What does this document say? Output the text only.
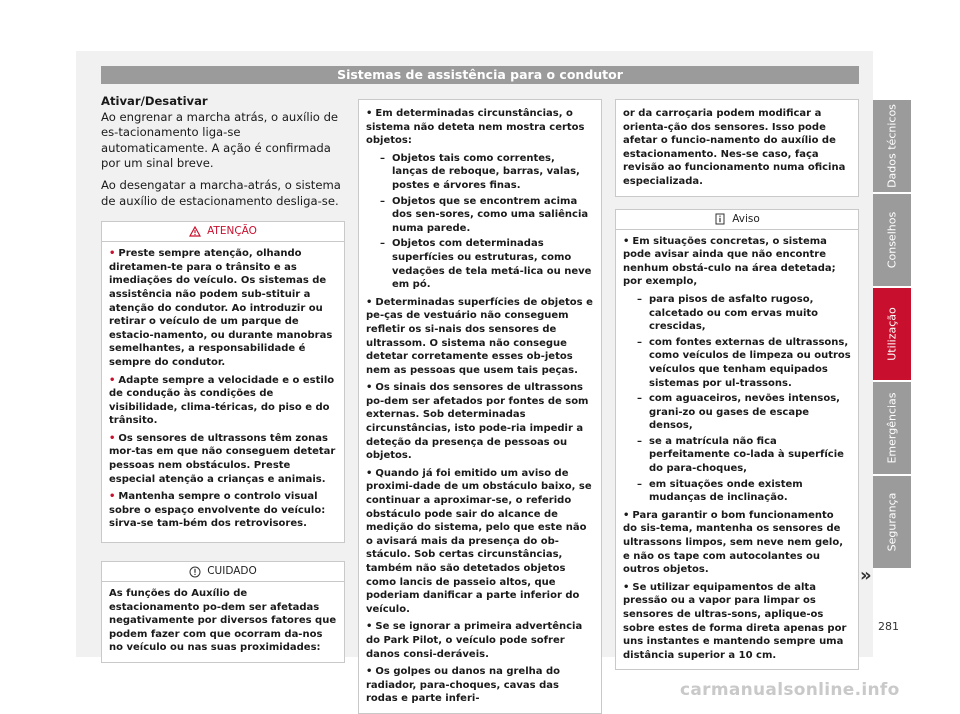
Sistemas de assistência para o condutor

Ativar/Desativar

Ao engrenar a marcha atrás, o auxílio de es-tacionamento liga-se automaticamente. A ação é confirmada por um sinal breve.

Ao desengatar a marcha-atrás, o sistema de auxílio de estacionamento desliga-se.

ATENÇÃO

• Preste sempre atenção, olhando diretamen-te para o trânsito e as imediações do veículo. Os sistemas de assistência não podem sub-stituir a atenção do condutor. Ao introduzir ou retirar o veículo de um parque de estacio-namento, ou durante manobras semelhantes, a responsabilidade é sempre do condutor.

• Adapte sempre a velocidade e o estilo de condução às condições de visibilidade, clima-téricas, do piso e do trânsito.

• Os sensores de ultrassons têm zonas mor-tas em que não conseguem detetar pessoas nem obstáculos. Preste especial atenção a crianças e animais.

• Mantenha sempre o controlo visual sobre o espaço envolvente do veículo: sirva-se tam-bém dos retrovisores.

CUIDADO
As funções do Auxílio de estacionamento po-dem ser afetadas negativamente por diversos fatores que podem fazer com que ocorram da-nos no veículo ou nas suas proximidades:

• Em determinadas circunstâncias, o sistema não deteta nem mostra certos objetos:

– Objetos tais como correntes, lanças de reboque, barras, valas, postes e árvores finas.

– Objetos que se encontrem acima dos sen-sores, como uma saliência numa parede.

– Objetos com determinadas superfícies ou estruturas, como vedações de tela metá-lica ou neve em pó.

• Determinadas superfícies de objetos e pe-ças de vestuário não conseguem refletir os si-nais dos sensores de ultrassom. O sistema não consegue detetar corretamente esses ob-jetos nem as pessoas que usem tais peças.

• Os sinais dos sensores de ultrassons po-dem ser afetados por fontes de som externas. Sob determinadas circunstâncias, isto pode-ria impedir a deteção da presença de pessoas ou objetos.

• Quando já foi emitido um aviso de proximi-dade de um obstáculo baixo, se continuar a aproximar-se, o referido obstáculo pode sair do alcance de medição do sistema, pelo que este não o avisará mais da presença do ob-stáculo. Sob certas circunstâncias, também não são detetados objetos como lancis de passeio altos, que poderiam danificar a parte inferior do veículo.

• Se se ignorar a primeira advertência do Park Pilot, o veículo pode sofrer danos consi-deráveis.

• Os golpes ou danos na grelha do radiador, para-choques, cavas das rodas e parte inferi-

or da carroçaria podem modificar a orienta-ção dos sensores. Isso pode afetar o funcio-namento do auxílio de estacionamento. Nes-se caso, faça revisão ao funcionamento numa oficina especializada.
Aviso

• Em situações concretas, o sistema pode avisar ainda que não encontre nenhum obstá-culo na área detetada; por exemplo,

– para pisos de asfalto rugoso, calcetado ou com ervas muito crescidas,

– com fontes externas de ultrassons, como veículos de limpeza ou outros veículos que tenham equipados sistemas por ul-trassons.

– com aguaceiros, nevões intensos, grani-zo ou gases de escape densos,

– se a matrícula não fica perfeitamente co-lada à superfície do para-choques,

– em situações onde existem mudanças de inclinação.

• Para garantir o bom funcionamento do sis-tema, mantenha os sensores de ultrassons limpos, sem neve nem gelo, e não os tape com autocolantes ou outros objetos.

• Se utilizar equipamentos de alta pressão ou a vapor para limpar os sensores de ultras-sons, aplique-os sobre estes de forma direta apenas por uns instantes e mantendo sempre uma distância superior a 10 cm.

»
Dados técnicos
Conselhos
Utilização
Emergências
Segurança
281
carmanualsonline.info
